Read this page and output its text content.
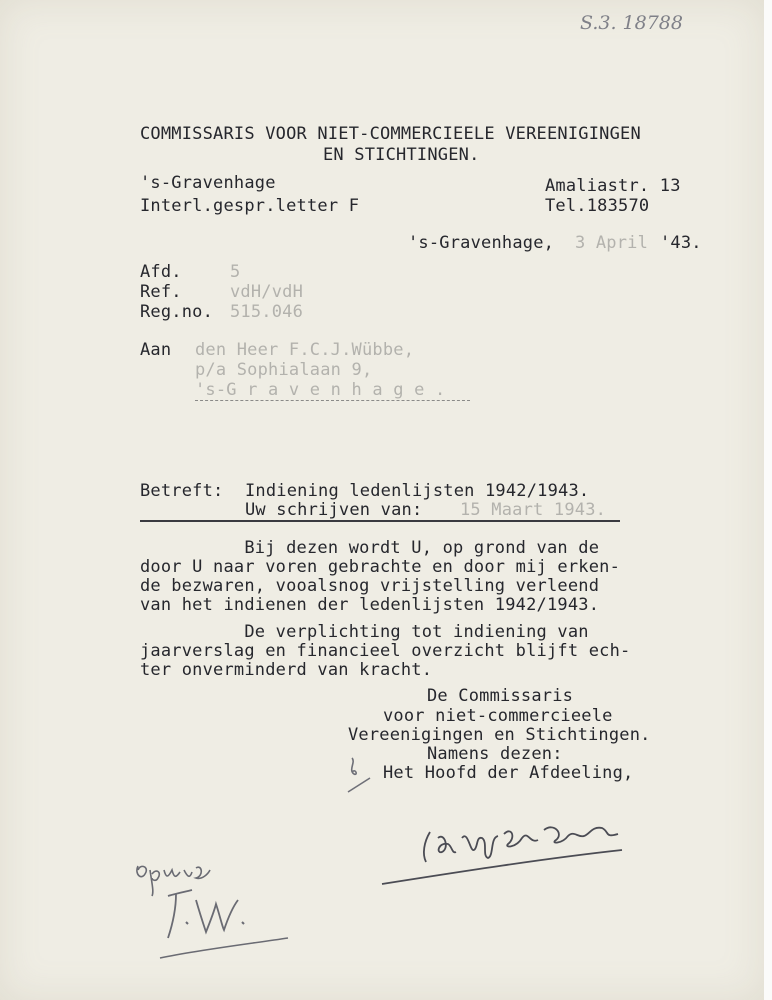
S.3. 18788
COMMISSARIS VOOR NIET-COMMERCIEELE VEREENIGINGEN
EN STICHTINGEN.
's-Gravenhage
Interl.gespr.letter F
Amaliastr. 13
Tel.183570
's-Gravenhage, 3 April '43.
Afd.	5
Ref.	vdH/vdH
Reg.no. 515.046
Aan den Heer F.C.J.Wübbe,
p/a Sophialaan 9,
's-G r a v e n h a g e .
Betreft: Indiening ledenlijsten 1942/1943.
Uw schrijven van: 15 Maart 1943.
Bij dezen wordt U, op grond van de
door U naar voren gebrachte en door mij erken-
de bezwaren, vooalsnog vrijstelling verleend
van het indienen der ledenlijsten 1942/1943.
De verplichting tot indiening van
jaarverslag en financieel overzicht blijft ech-
ter onverminderd van kracht.
De Commissaris
voor niet-commercieele
Vereenigingen en Stichtingen.
Namens dezen:
Het Hoofd der Afdeeling,
